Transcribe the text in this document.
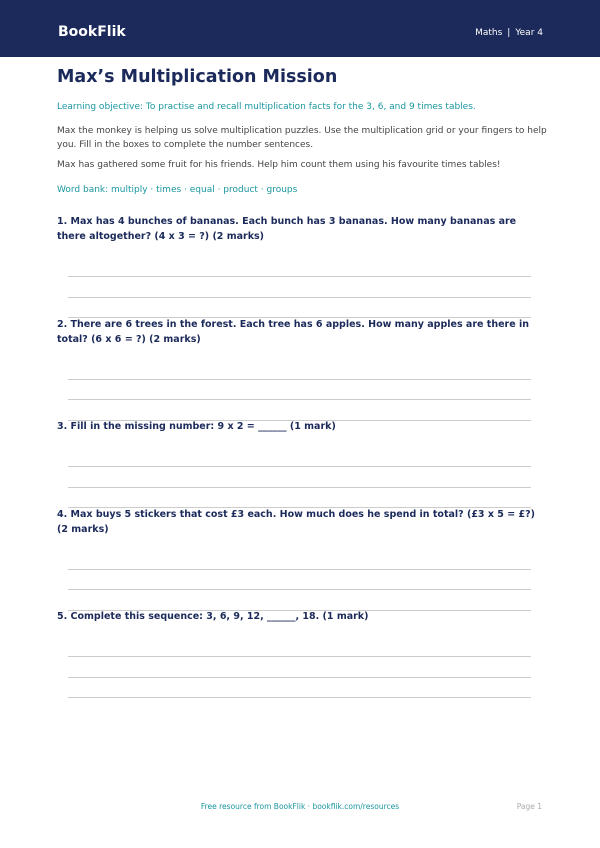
BookFlik	Maths | Year 4
Max’s Multiplication Mission
Learning objective: To practise and recall multiplication facts for the 3, 6, and 9 times tables.
Max the monkey is helping us solve multiplication puzzles. Use the multiplication grid or your fingers to help you. Fill in the boxes to complete the number sentences.
Max has gathered some fruit for his friends. Help him count them using his favourite times tables!
Word bank: multiply · times · equal · product · groups
1. Max has 4 bunches of bananas. Each bunch has 3 bananas. How many bananas are there altogether? (4 x 3 = ?) (2 marks)
2. There are 6 trees in the forest. Each tree has 6 apples. How many apples are there in total? (6 x 6 = ?) (2 marks)
3. Fill in the missing number: 9 x 2 = ______ (1 mark)
4. Max buys 5 stickers that cost £3 each. How much does he spend in total? (£3 x 5 = £?) (2 marks)
5. Complete this sequence: 3, 6, 9, 12, ______, 18. (1 mark)
Free resource from BookFlik · bookflik.com/resources	Page 1
